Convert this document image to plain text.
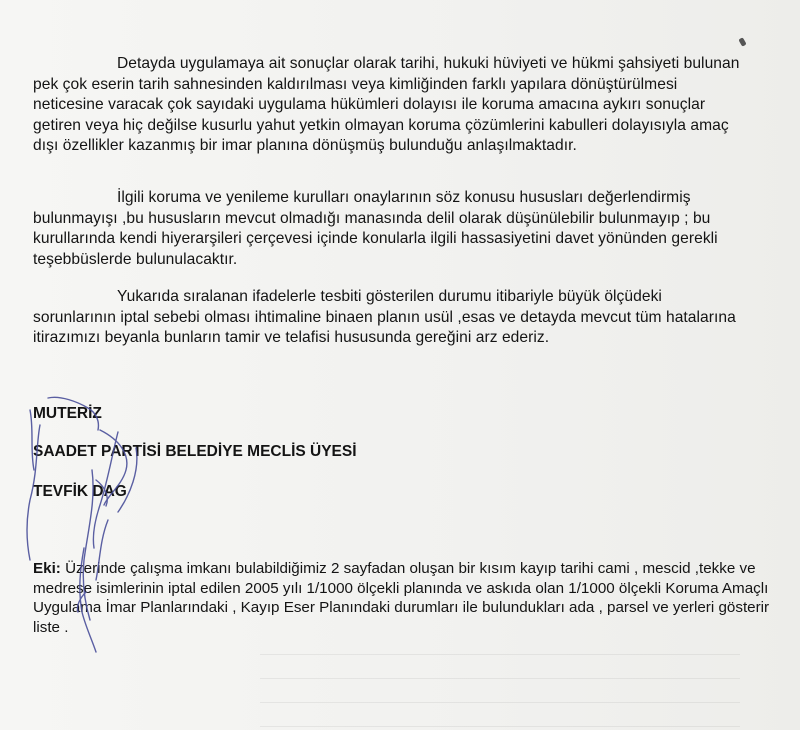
Detayda uygulamaya ait sonuçlar olarak tarihi, hukuki hüviyeti ve hükmi şahsiyeti bulunan pek çok eserin tarih sahnesinden kaldırılması veya kimliğinden farklı yapılara dönüştürülmesi neticesine varacak çok sayıdaki uygulama hükümleri dolayısı ile koruma amacına aykırı sonuçlar getiren veya hiç değilse kusurlu yahut yetkin olmayan koruma çözümlerini kabulleri dolayısıyla amaç dışı özellikler kazanmış bir imar planına dönüşmüş bulunduğu anlaşılmaktadır.

İlgili koruma ve yenileme kurulları onaylarının söz konusu hususları değerlendirmiş bulunmayışı ,bu hususların mevcut olmadığı manasında delil olarak düşünülebilir bulunmayıp ; bu kurullarında kendi hiyerarşileri çerçevesi içinde konularla ilgili hassasiyetini davet yönünden gerekli teşebbüslerde bulunulacaktır.

Yukarıda sıralanan ifadelerle tesbiti gösterilen durumu itibariyle büyük ölçüdeki sorunlarının iptal sebebi olması ihtimaline binaen planın usül ,esas ve detayda mevcut tüm hatalarına itirazımızı beyanla bunların tamir ve telafisi hususunda gereğini arz ederiz.

MUTERİZ

SAADET PARTİSİ BELEDİYE MECLİS ÜYESİ

TEVFİK DAG

Eki: Üzerinde çalışma imkanı bulabildiğimiz 2 sayfadan oluşan bir kısım kayıp tarihi cami , mescid ,tekke ve medrese isimlerinin iptal edilen 2005 yılı 1/1000 ölçekli planında ve askıda olan 1/1000 ölçekli Koruma Amaçlı Uygulama İmar Planlarındaki , Kayıp Eser Planındaki durumları ile bulundukları ada , parsel ve yerleri gösterir liste .
